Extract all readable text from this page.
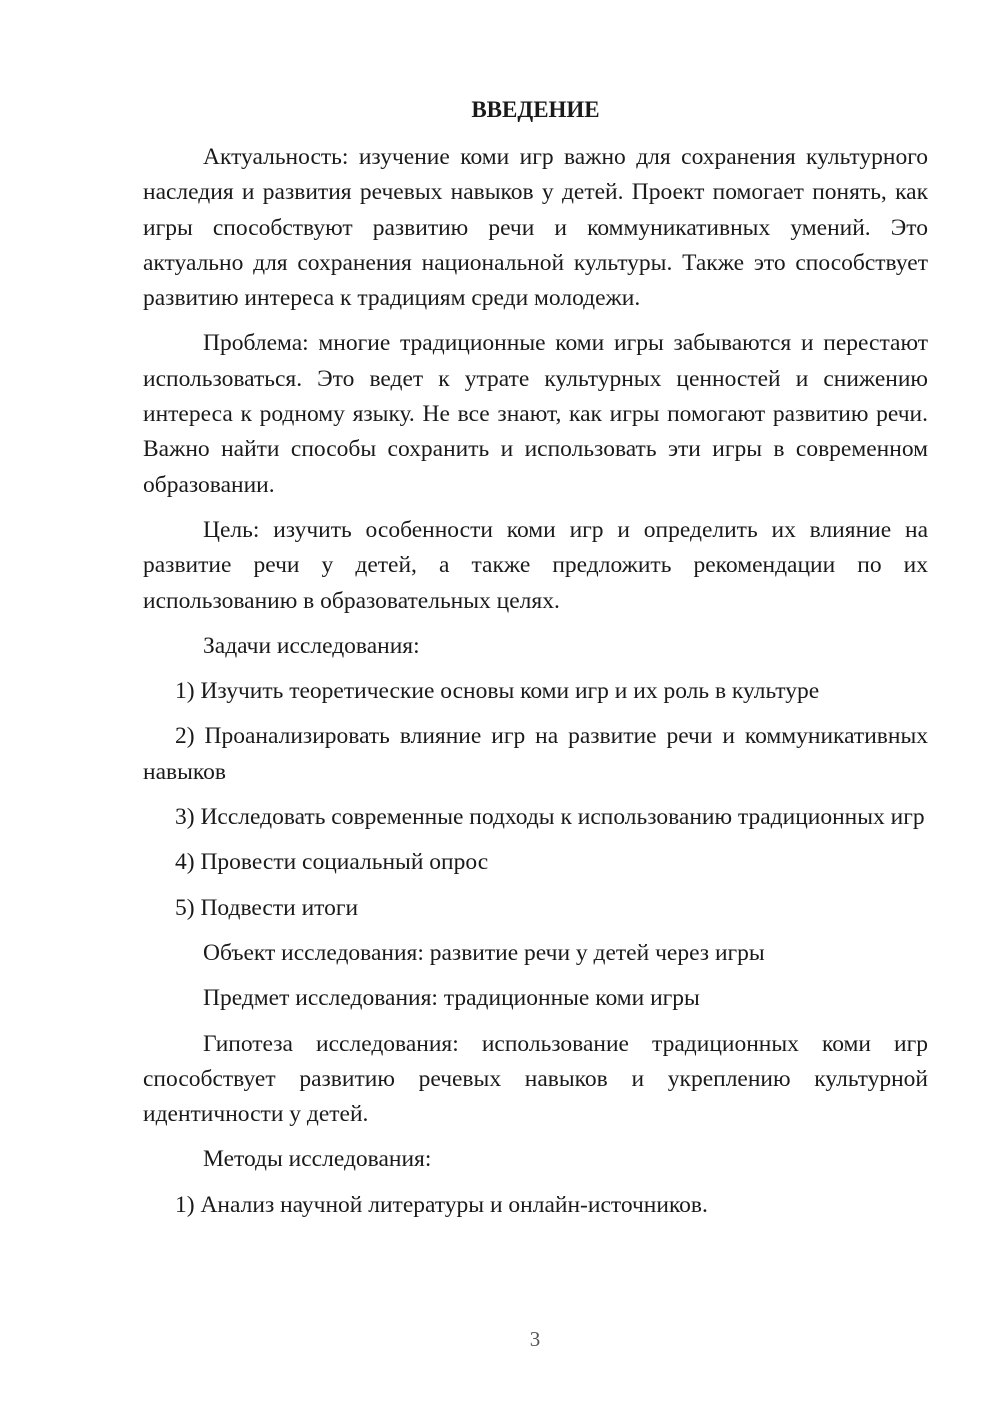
ВВЕДЕНИЕ

Актуальность: изучение коми игр важно для сохранения культурного наследия и развития речевых навыков у детей. Проект помогает понять, как игры способствуют развитию речи и коммуникативных умений. Это актуально для сохранения национальной культуры. Также это способствует развитию интереса к традициям среди молодежи.

Проблема: многие традиционные коми игры забываются и перестают использоваться. Это ведет к утрате культурных ценностей и снижению интереса к родному языку. Не все знают, как игры помогают развитию речи. Важно найти способы сохранить и использовать эти игры в современном образовании.

Цель: изучить особенности коми игр и определить их влияние на развитие речи у детей, а также предложить рекомендации по их использованию в образовательных целях.

Задачи исследования:

1) Изучить теоретические основы коми игр и их роль в культуре

2) Проанализировать влияние игр на развитие речи и коммуникативных навыков

3) Исследовать современные подходы к использованию традиционных игр

4) Провести социальный опрос

5) Подвести итоги

Объект исследования: развитие речи у детей через игры

Предмет исследования: традиционные коми игры

Гипотеза исследования: использование традиционных коми игр способствует развитию речевых навыков и укреплению культурной идентичности у детей.

Методы исследования:

1) Анализ научной литературы и онлайн-источников.

3
